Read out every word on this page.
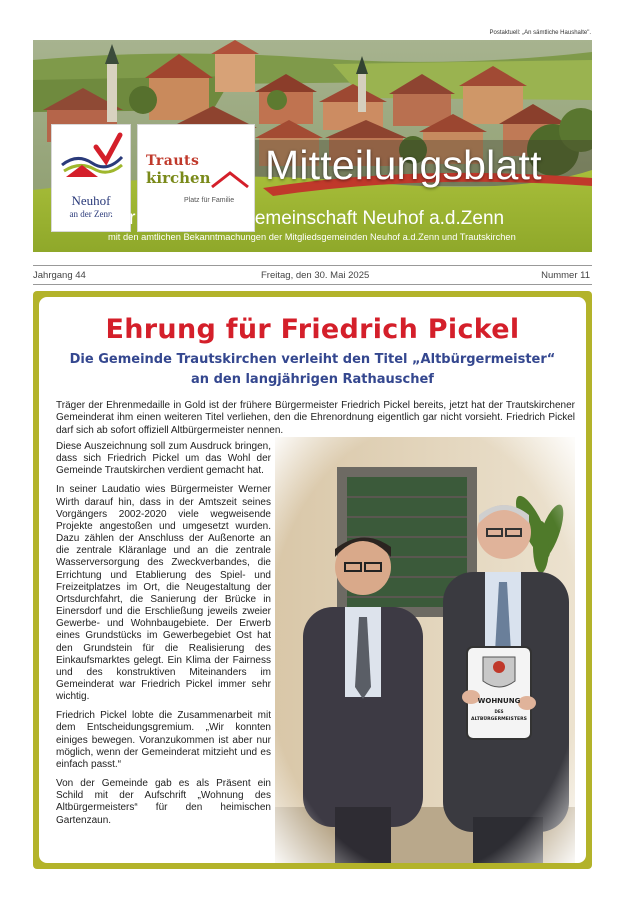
Postaktuell: „An sämtliche Haushalte".
Neuhof
an der Zenn
Trauts
kirchen
Platz für Familie
Mitteilungsblatt
der Verwaltungsgemeinschaft Neuhof a.d.Zenn
mit den amtlichen Bekanntmachungen der Mitgliedsgemeinden Neuhof a.d.Zenn und Trautskirchen
Jahrgang 44	Freitag, den 30. Mai 2025	Nummer 11
Ehrung für Friedrich Pickel
Die Gemeinde Trautskirchen verleiht den Titel „Altbürgermeister“
an den langjährigen Rathauschef
Träger der Ehrenmedaille in Gold ist der frühere Bürgermeister Friedrich Pickel bereits, jetzt hat der Trautskirchener Gemeinderat ihm einen weiteren Titel verliehen, den die Ehrenordnung eigentlich gar nicht vorsieht. Friedrich Pickel darf sich ab sofort offiziell Altbürgermeister nennen.

Diese Auszeichnung soll zum Ausdruck bringen, dass sich Friedrich Pickel um das Wohl der Gemeinde Trautskirchen verdient gemacht hat.

In seiner Laudatio wies Bürgermeister Werner Wirth darauf hin, dass in der Amtszeit seines Vorgängers 2002-2020 viele wegweisende Projekte angestoßen und umgesetzt wurden. Dazu zählen der Anschluss der Außenorte an die zentrale Kläranlage und an die zentrale Wasserversorgung des Zweckverbandes, die Errichtung und Etablierung des Spiel- und Freizeitplatzes im Ort, die Neugestaltung der Ortsdurchfahrt, die Sanierung der Brücke in Einersdorf und die Erschließung jeweils zweier Gewerbe- und Wohnbaugebiete. Der Erwerb eines Grundstücks im Gewerbegebiet Ost hat den Grundstein für die Realisierung des Einkaufsmarktes gelegt. Ein Klima der Fairness und des konstruktiven Miteinanders im Gemeinderat war Friedrich Pickel immer sehr wichtig.

Friedrich Pickel lobte die Zusammenarbeit mit dem Entscheidungsgremium. „Wir konnten einiges bewegen. Voranzukommen ist aber nur möglich, wenn der Gemeinderat mitzieht und es einfach passt.“

Von der Gemeinde gab es als Präsent ein Schild mit der Aufschrift „Wohnung des Altbürgermeisters“ für den heimischen Gartenzaun.

WOHNUNG
DES
ALTBÜRGERMEISTERS
